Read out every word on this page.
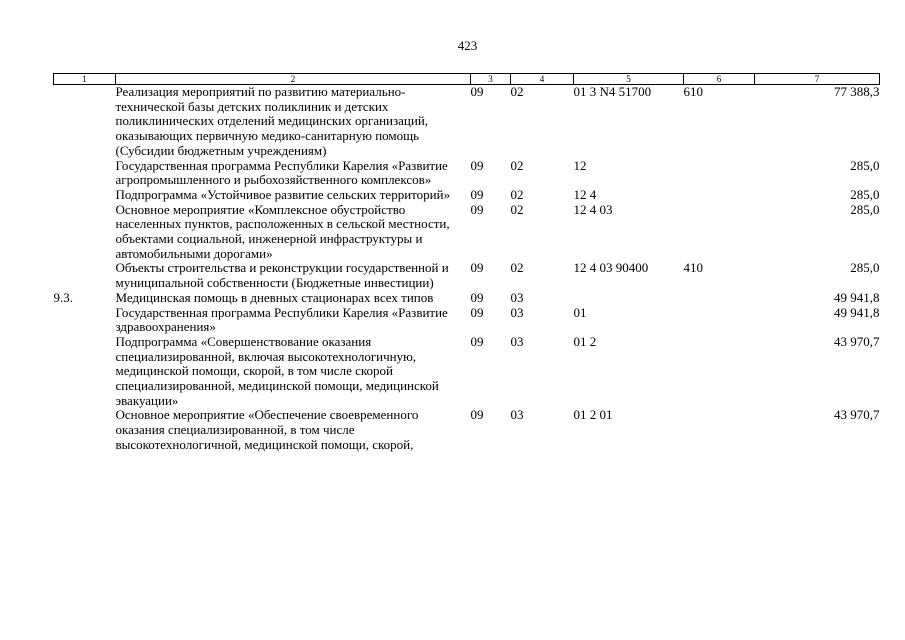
423
1	2	3	4	5	6	7
	Реализация мероприятий по развитию материально-технической базы детских поликлиник и детских поликлинических отделений медицинских организаций, оказывающих первичную медико-санитарную помощь (Субсидии бюджетным учреждениям)	09	02	01 3 N4 51700	610	77 388,3
	Государственная программа Республики Карелия «Развитие агропромышленного и рыбохозяйственного комплексов»	09	02	12		285,0
	Подпрограмма «Устойчивое развитие сельских территорий»	09	02	12 4		285,0
	Основное мероприятие «Комплексное обустройство населенных пунктов, расположенных в сельской местности, объектами социальной, инженерной инфраструктуры и автомобильными дорогами»	09	02	12 4 03		285,0
	Объекты строительства и реконструкции государственной и муниципальной собственности (Бюджетные инвестиции)	09	02	12 4 03 90400	410	285,0
9.3.	Медицинская помощь в дневных стационарах всех типов	09	03			49 941,8
	Государственная программа Республики Карелия «Развитие здравоохранения»	09	03	01		49 941,8
	Подпрограмма «Совершенствование оказания специализированной, включая высокотехнологичную, медицинской помощи, скорой, в том числе скорой специализированной, медицинской помощи, медицинской эвакуации»	09	03	01 2		43 970,7
	Основное мероприятие «Обеспечение своевременного оказания специализированной, в том числе высокотехнологичной, медицинской помощи, скорой,	09	03	01 2 01		43 970,7
